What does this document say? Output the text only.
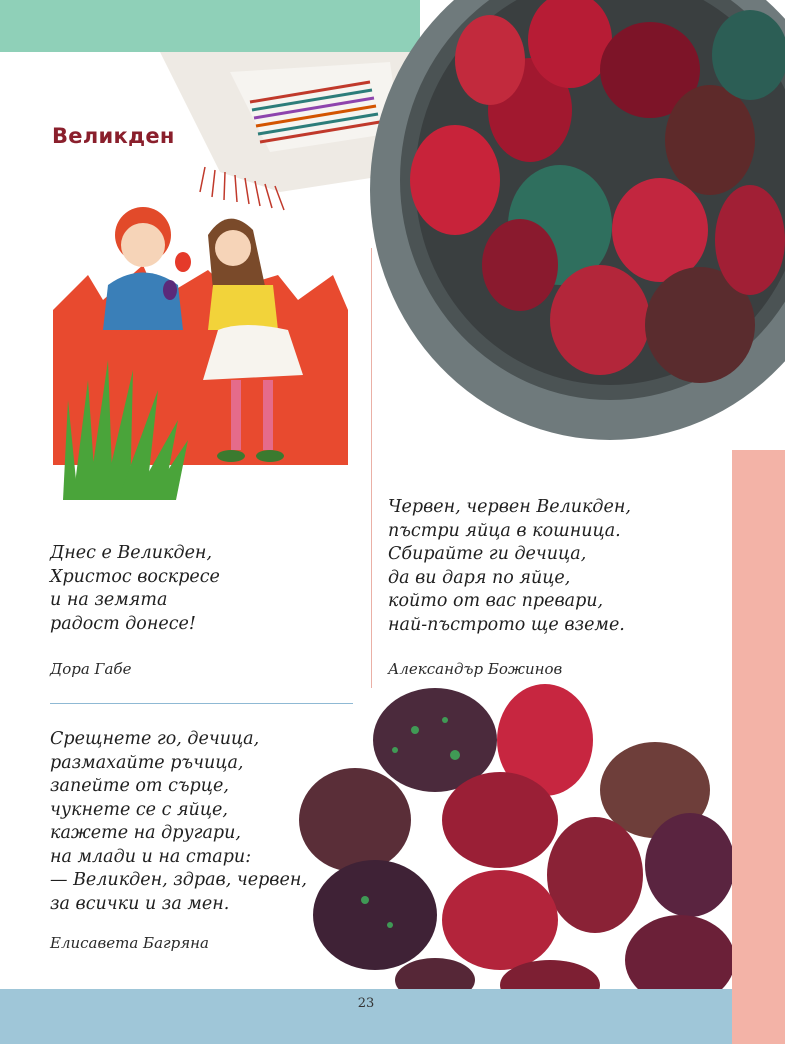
Великден
Днес е Великден,
Христос воскресе
и на земята
радост донесе!
Дора Габе
Червен, червен Великден,
пъстри яйца в кошница.
Сбирайте ги дечица,
да ви даря по яйце,
който от вас превари,
най-пъстрото ще вземе.
Александър Божинов
Срещнете го, дечица,
размахайте ръчица,
запейте от сърце,
чукнете се с яйце,
кажете на другари,
на млади и на стари:
— Великден, здрав, червен,
за всички и за мен.
Елисавета Багряна
23
